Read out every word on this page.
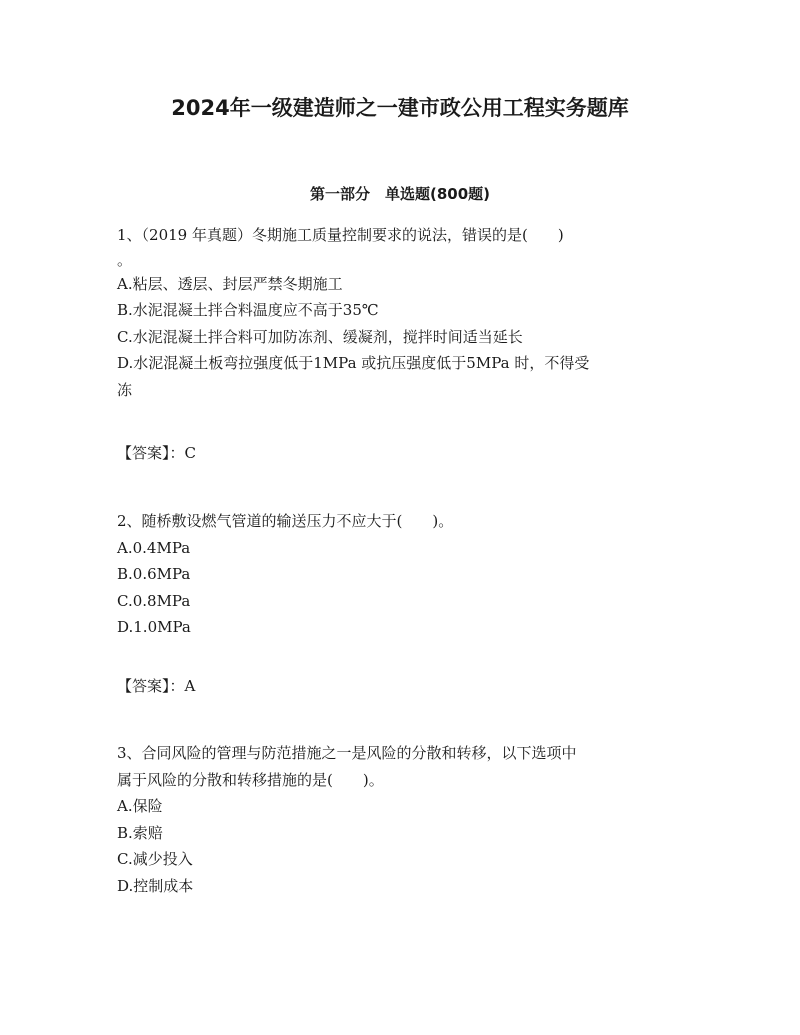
2024年一级建造师之一建市政公用工程实务题库
第一部分　单选题(800题)
1、（2019 年真题）冬期施工质量控制要求的说法，错误的是(　　)
。
A.粘层、透层、封层严禁冬期施工
B.水泥混凝土拌合料温度应不高于35℃
C.水泥混凝土拌合料可加防冻剂、缓凝剂，搅拌时间适当延长
D.水泥混凝土板弯拉强度低于1MPa 或抗压强度低于5MPa 时，不得受
冻
【答案】：C
2、随桥敷设燃气管道的输送压力不应大于(　　)。
A.0.4MPa
B.0.6MPa
C.0.8MPa
D.1.0MPa
【答案】：A
3、合同风险的管理与防范措施之一是风险的分散和转移，以下选项中
属于风险的分散和转移措施的是(　　)。
A.保险
B.索赔
C.减少投入
D.控制成本
